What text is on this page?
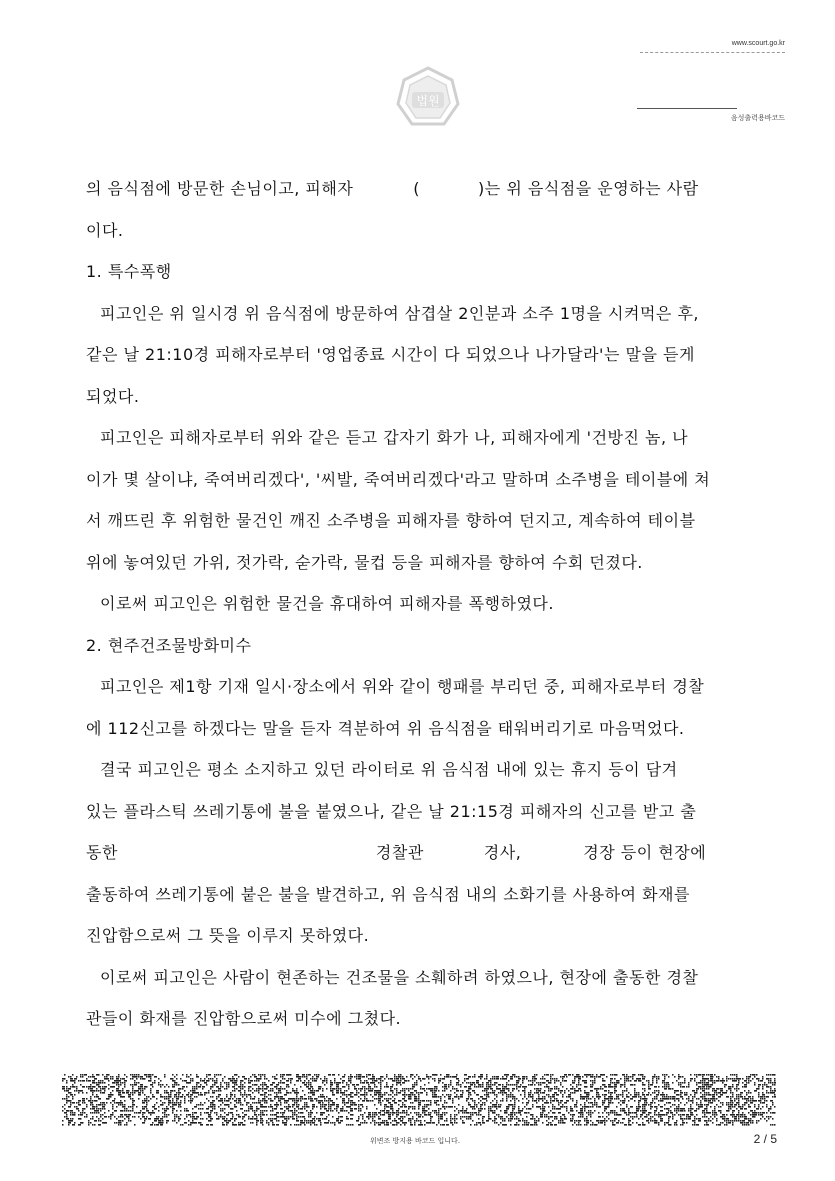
www.scourt.go.kr
음성출력용바코드
법원
의 음식점에 방문한 손님이고, 피해자	(	)는 위 음식점을 운영하는 사람
이다.
1. 특수폭행
피고인은 위 일시경 위 음식점에 방문하여 삼겹살 2인분과 소주 1명을 시켜먹은 후,
같은 날 21:10경 피해자로부터 '영업종료 시간이 다 되었으나 나가달라'는 말을 듣게
되었다.
피고인은 피해자로부터 위와 같은 듣고 갑자기 화가 나, 피해자에게 '건방진 놈, 나
이가 몇 살이냐, 죽여버리겠다', '씨발, 죽여버리겠다'라고 말하며 소주병을 테이블에 쳐
서 깨뜨린 후 위험한 물건인 깨진 소주병을 피해자를 향하여 던지고, 계속하여 테이블
위에 놓여있던 가위, 젓가락, 숟가락, 물컵 등을 피해자를 향하여 수회 던졌다.
이로써 피고인은 위험한 물건을 휴대하여 피해자를 폭행하였다.
2. 현주건조물방화미수
피고인은 제1항 기재 일시·장소에서 위와 같이 행패를 부리던 중, 피해자로부터 경찰
에 112신고를 하겠다는 말을 듣자 격분하여 위 음식점을 태워버리기로 마음먹었다.
결국 피고인은 평소 소지하고 있던 라이터로 위 음식점 내에 있는 휴지 등이 담겨
있는 플라스틱 쓰레기통에 불을 붙였으나, 같은 날 21:15경 피해자의 신고를 받고 출
동한	경찰관	경사,	경장 등이 현장에
출동하여 쓰레기통에 붙은 불을 발견하고, 위 음식점 내의 소화기를 사용하여 화재를
진압함으로써 그 뜻을 이루지 못하였다.
이로써 피고인은 사람이 현존하는 건조물을 소훼하려 하였으나, 현장에 출동한 경찰
관들이 화재를 진압함으로써 미수에 그쳤다.
위변조 방지용 바코드 입니다.	2 / 5
